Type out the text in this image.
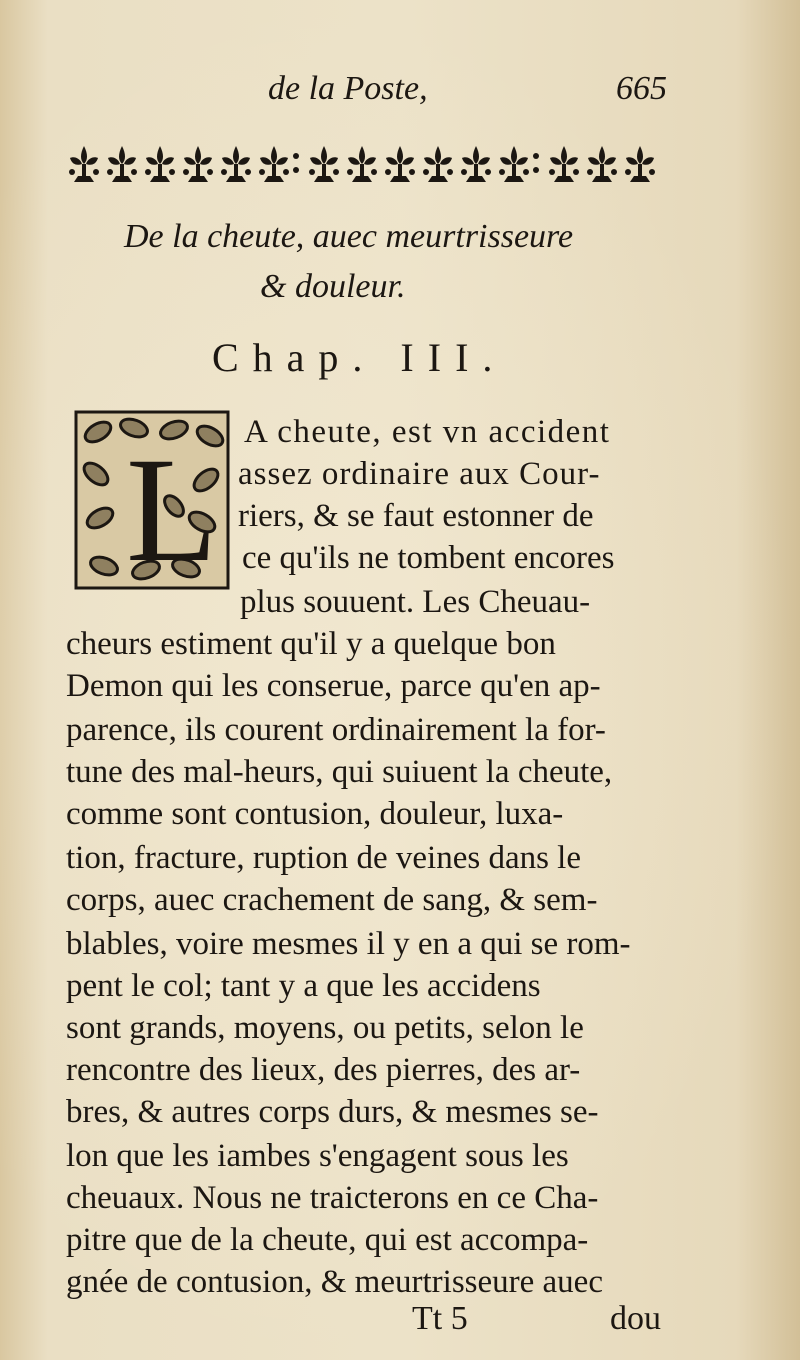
de la Poste,	665
De la cheute, auec meurtrisseure
& douleur.
Chap. III.
L A cheute, est vn accident
assez ordinaire aux Cour-
riers, & se faut estonner de
ce qu'ils ne tombent encores
plus souuent. Les Cheuau-
cheurs estiment qu'il y a quelque bon
Demon qui les conserue, parce qu'en ap-
parence, ils courent ordinairement la for-
tune des mal-heurs, qui suiuent la cheute,
comme sont contusion, douleur, luxa-
tion, fracture, ruption de veines dans le
corps, auec crachement de sang, & sem-
blables, voire mesmes il y en a qui se rom-
pent le col; tant y a que les accidens
sont grands, moyens, ou petits, selon le
rencontre des lieux, des pierres, des ar-
bres, & autres corps durs, & mesmes se-
lon que les iambes s'engagent sous les
cheuaux. Nous ne traicterons en ce Cha-
pitre que de la cheute, qui est accompa-
gnée de contusion, & meurtrisseure auec
Tt 5	dou
